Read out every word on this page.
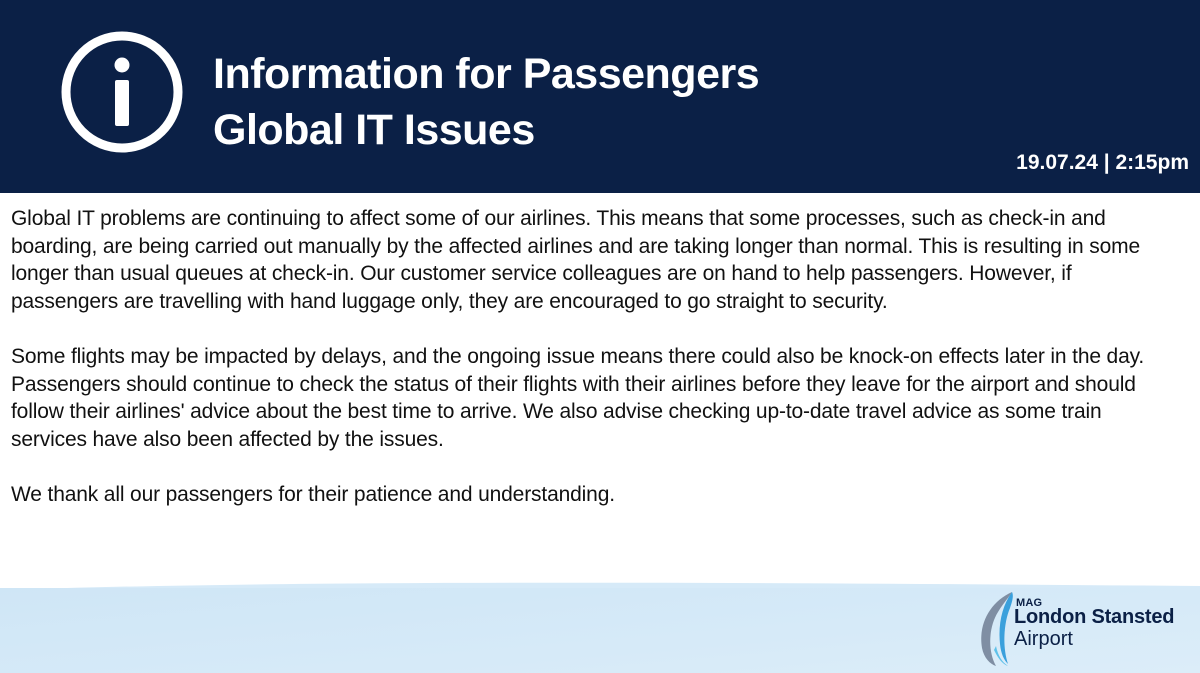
Information for Passengers
Global IT Issues
19.07.24 | 2:15pm

Global IT problems are continuing to affect some of our airlines. This means that some processes, such as check-in and boarding, are being carried out manually by the affected airlines and are taking longer than normal. This is resulting in some longer than usual queues at check-in. Our customer service colleagues are on hand to help passengers. However, if passengers are travelling with hand luggage only, they are encouraged to go straight to security.

Some flights may be impacted by delays, and the ongoing issue means there could also be knock-on effects later in the day. Passengers should continue to check the status of their flights with their airlines before they leave for the airport and should follow their airlines' advice about the best time to arrive. We also advise checking up-to-date travel advice as some train services have also been affected by the issues.

We thank all our passengers for their patience and understanding.

MAG
London Stansted
Airport
